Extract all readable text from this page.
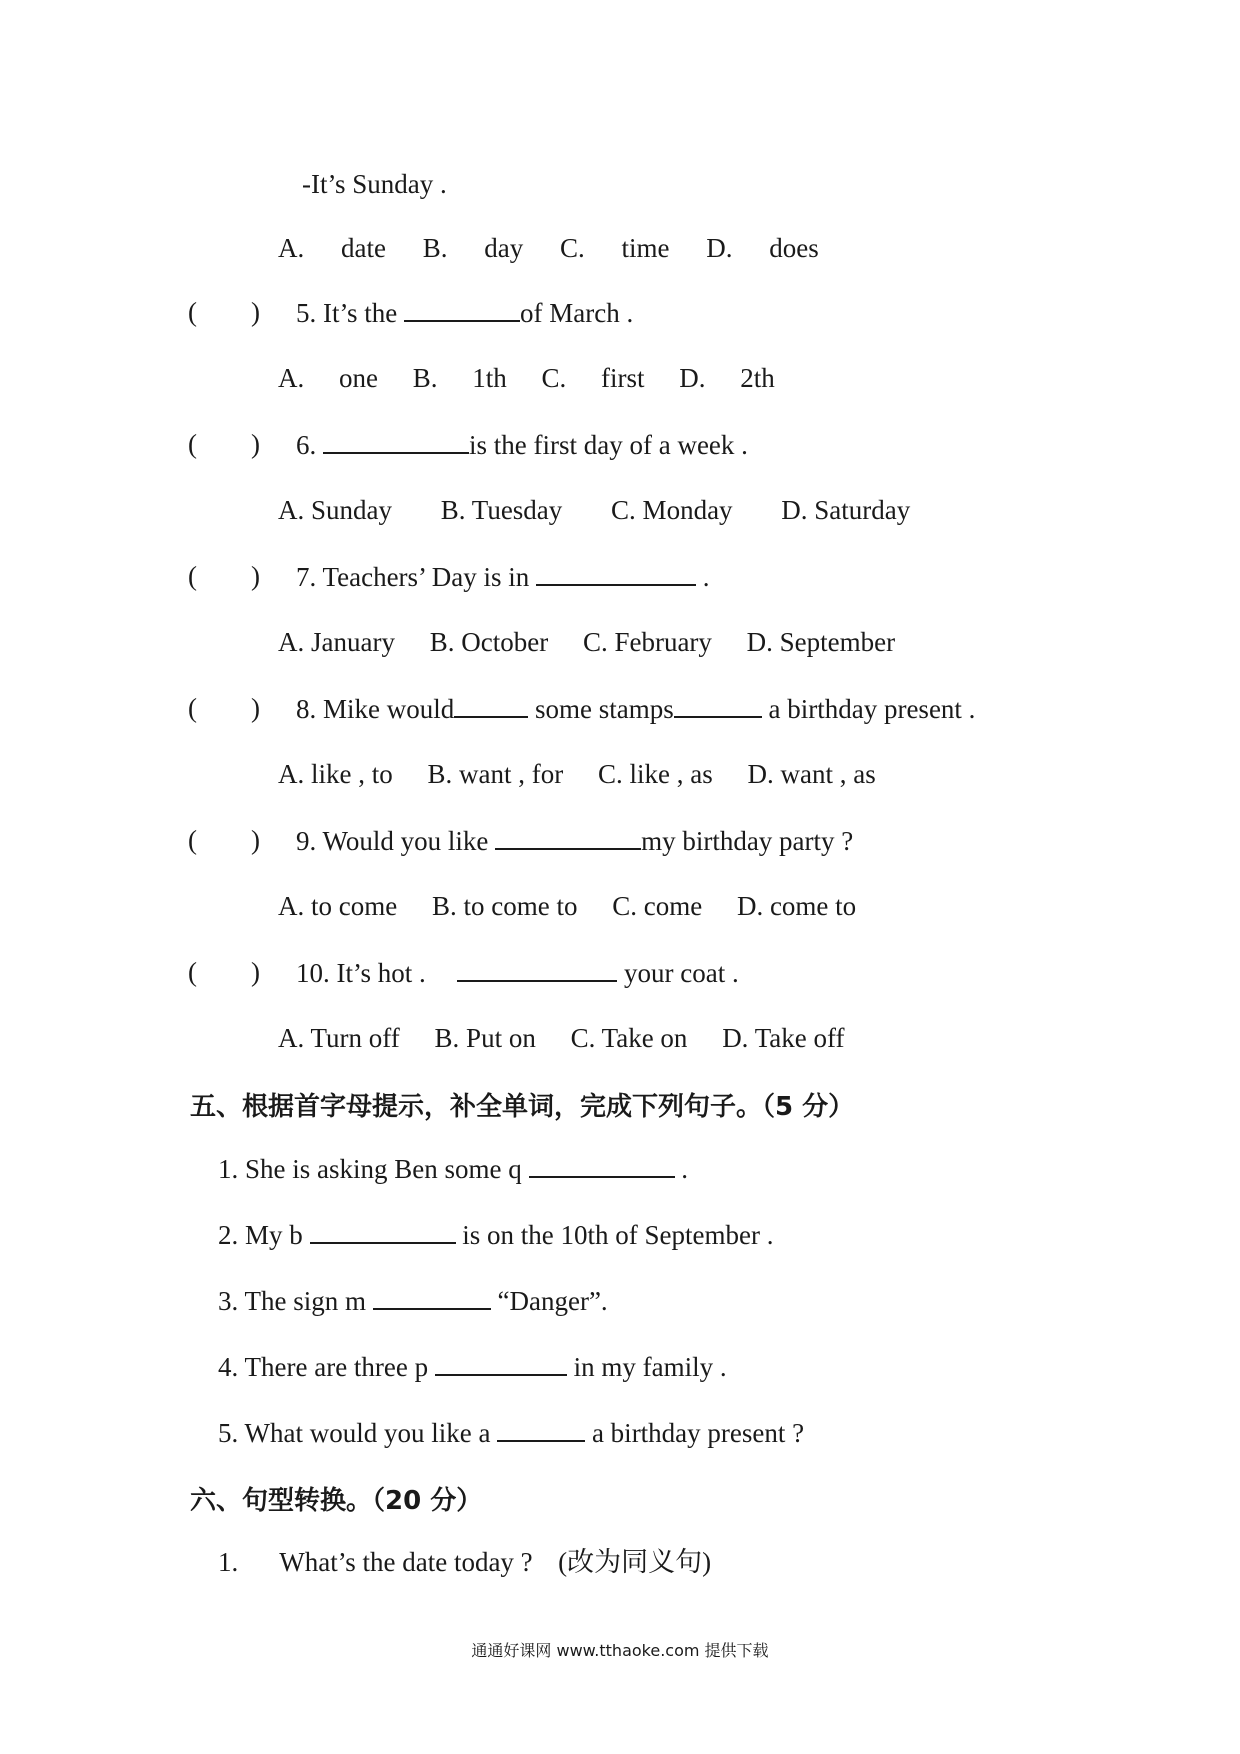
-It’s Sunday .
A. date B. day C. time D. does
(        ) 5. It’s the	of March .
A. one B. 1th C. first D. 2th
(        ) 6.	is the first day of a week .
A. Sunday B. Tuesday C. Monday D. Saturday
(        ) 7. Teachers’ Day is in	.
A. January B. October C. February D. September
(        ) 8. Mike would	some stamps	a birthday present .
A. like , to B. want , for C. like , as D. want , as
(        ) 9. Would you like	my birthday party ?
A. to come B. to come to C. come D. come to
(        ) 10. It’s hot .	your coat .
A. Turn off B. Put on C. Take on D. Take off
五、根据首字母提示，补全单词，完成下列句子。（5 分）
1. She is asking Ben some q	.
2. My b	is on the 10th of September .
3. The sign m	“Danger”.
4. There are three p	in my family .
5. What would you like a	a birthday present ?
六、句型转换。（20 分）
1. What’s the date today ? (改为同义句)
通通好课网 www.tthaoke.com 提供下载
